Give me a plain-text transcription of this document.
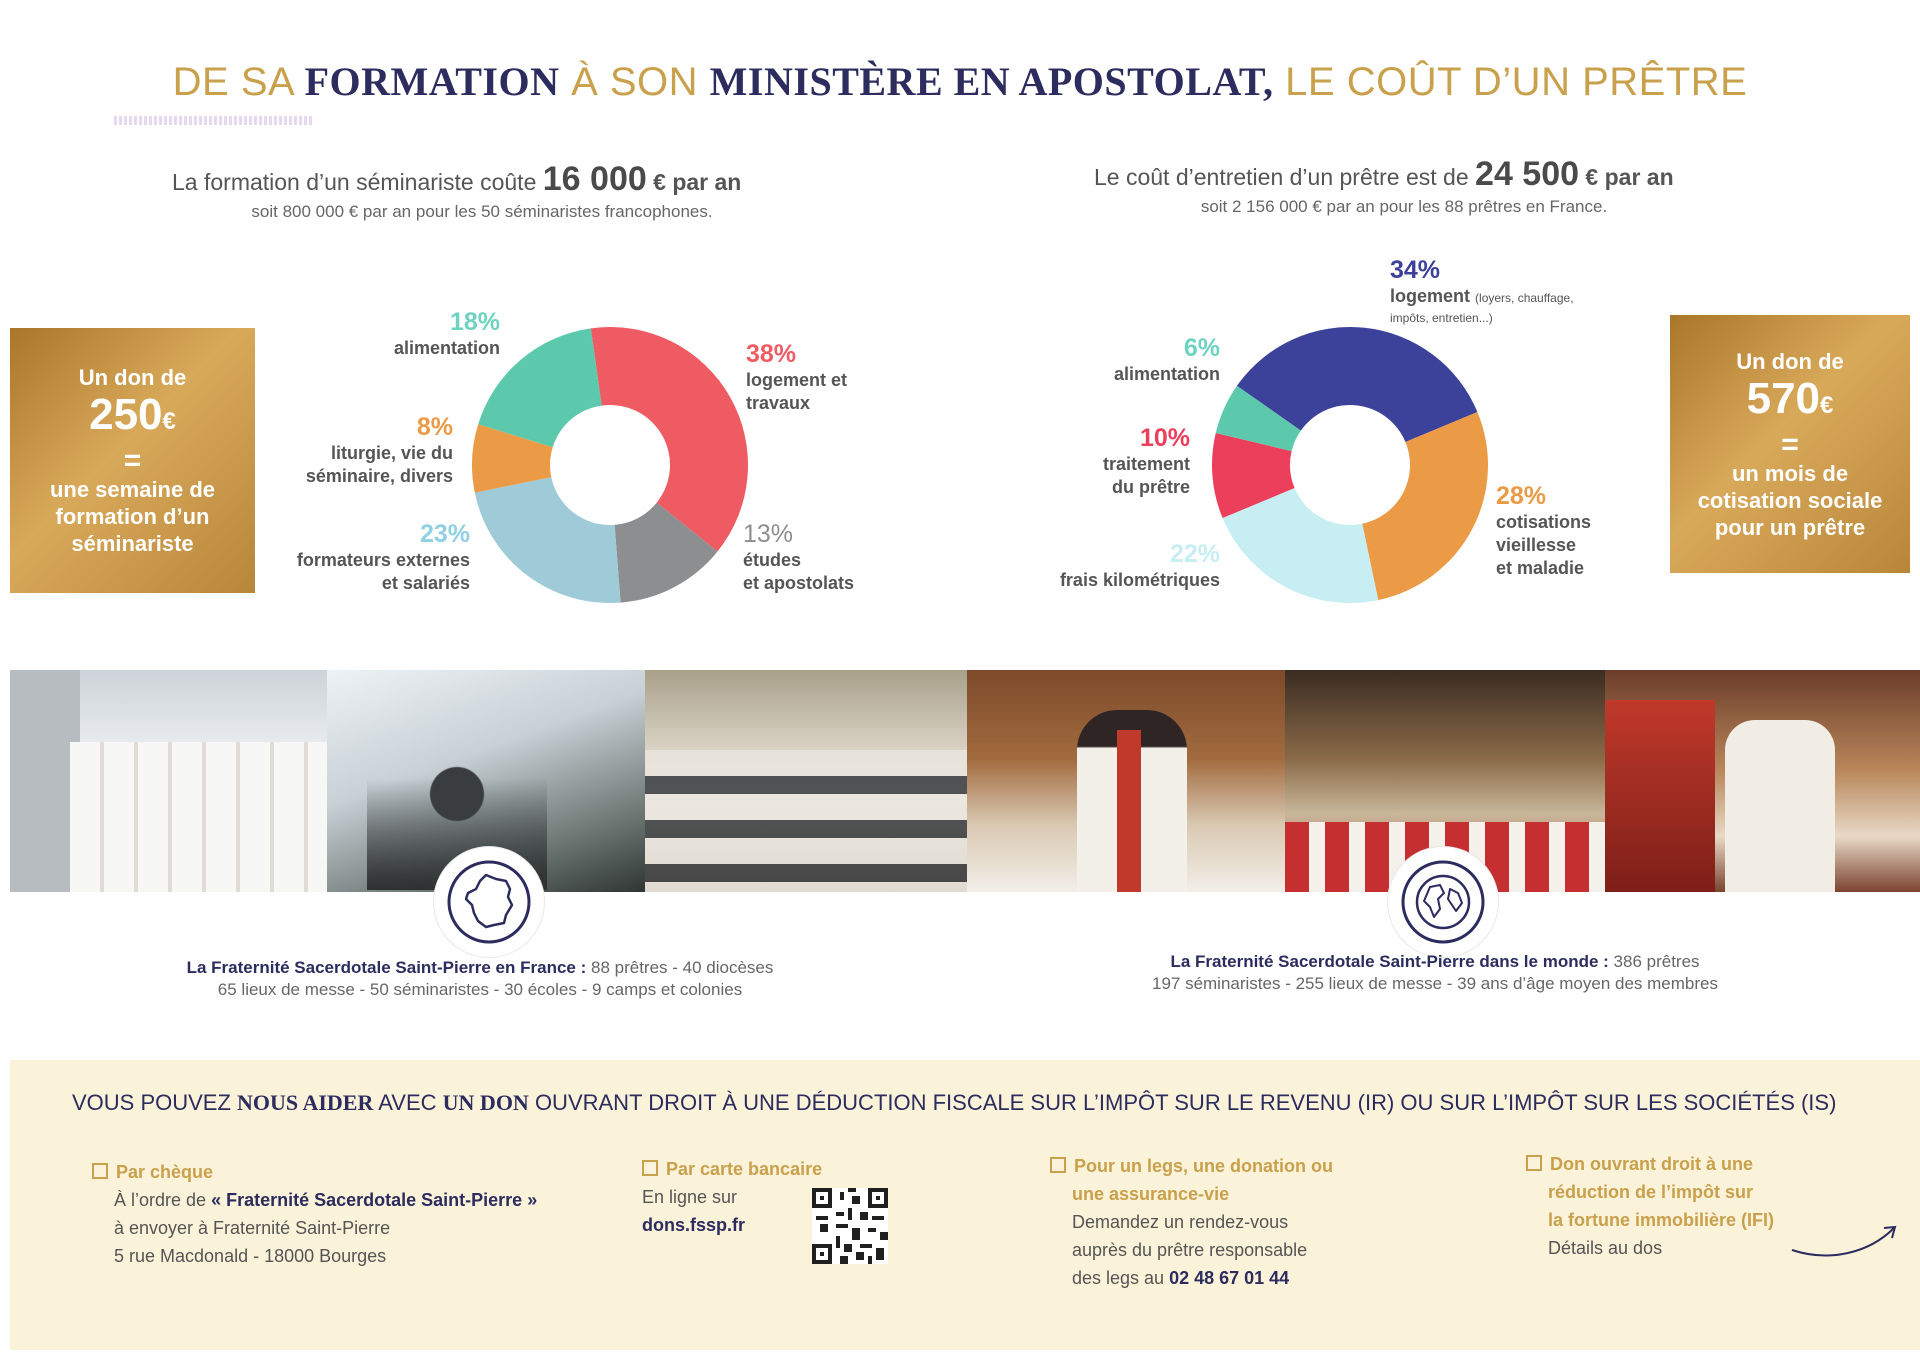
DE SA FORMATION À SON MINISTÈRE EN APOSTOLAT, LE COÛT D’UN PRÊTRE
La formation d’un séminariste coûte 16 000 € par an
soit 800 000 € par an pour les 50 séminaristes francophones.
Le coût d’entretien d’un prêtre est de 24 500 € par an
soit 2 156 000 € par an pour les 88 prêtres en France.
Un don de
250€
=
une semaine de
formation d’un
séminariste
Un don de
570€
=
un mois de
cotisation sociale
pour un prêtre
18%
alimentation	38%
logement et
travaux
8%
liturgie, vie du
séminaire, divers
23%
formateurs externes
et salariés
13%
études
et apostolats
34%
logement (loyers, chauffage,
impôts, entretien...)
6%
alimentation
10%
traitement
du prêtre
22%
frais kilométriques
28%
cotisations
vieillesse
et maladie
La Fraternité Sacerdotale Saint-Pierre en France : 88 prêtres - 40 diocèses
65 lieux de messe - 50 séminaristes - 30 écoles - 9 camps et colonies
La Fraternité Sacerdotale Saint-Pierre dans le monde : 386 prêtres
197 séminaristes - 255 lieux de messe - 39 ans d’âge moyen des membres
VOUS POUVEZ NOUS AIDER AVEC UN DON OUVRANT DROIT À UNE DÉDUCTION FISCALE SUR L’IMPÔT SUR LE REVENU (IR) OU SUR L’IMPÔT SUR LES SOCIÉTÉS (IS)
Par chèque
À l’ordre de « Fraternité Sacerdotale Saint-Pierre »
à envoyer à Fraternité Saint-Pierre
5 rue Macdonald - 18000 Bourges
Par carte bancaire
En ligne sur
dons.fssp.fr
Pour un legs, une donation ou
une assurance-vie
Demandez un rendez-vous
auprès du prêtre responsable
des legs au 02 48 67 01 44
Don ouvrant droit à une
réduction de l’impôt sur
la fortune immobilière (IFI)
Détails au dos
